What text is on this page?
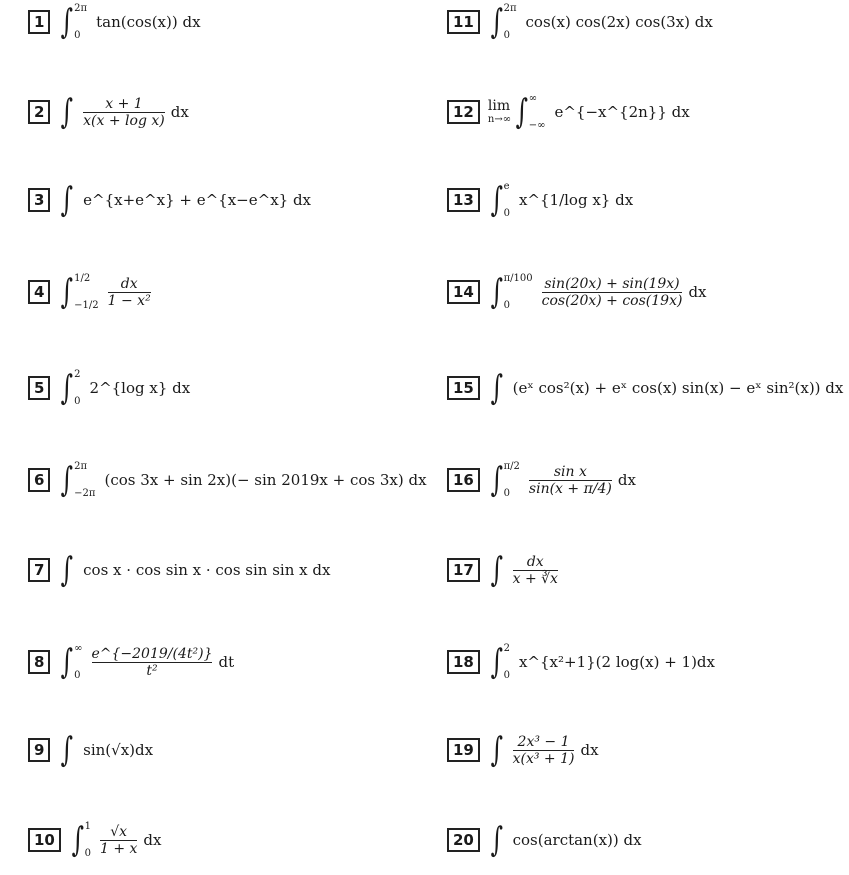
1 ∫ 2π
0
tan(cos(x)) dx
2 ∫ $\frac{x + 1}{\text{x(x + log x)}}$ dx
3 ∫ e^{x+e^x} + e^{x−e^x} dx
4 ∫ 1/2
$-1/2 \frac{dx}{\text{1 − x²}}$
5 ∫ 2
0
2^{log x} dx
6 ∫ 2π
−2π
(cos 3x + sin 2x)(− sin 2019x + cos 3x) dx
7 ∫ cos x · cos sin x · cos sin sin x dx
8 ∫ ∞
$0 \frac{\text{e\textasciicircum{}\{−2019/(4t²)\}}}{\text{t²}}$ dt
9 ∫ sin(√x)dx
10 ∫ 1
$0 \frac{√x}{1 + x}$ dx
11 ∫ 2π
0
cos(x) cos(2x) cos(3x) dx
12	lim
n→∞ ∫ ∞
−∞
e^{−x^{2n}} dx
13 ∫ e
0
x^{1/log x} dx
14 ∫ π/100
0	$\frac{\sin(20x) + \sin(19x)}{\cos(20x) + \cos(19x)}$ dx
15 ∫ (eˣ cos²(x) + eˣ cos(x) sin(x) − eˣ sin²(x)) dx
16 ∫ π/2
0	$\frac{\text{sin x}}{\sin(x + \pi/4)}$ dx
17 ∫ $\frac{dx}{x + ∛x}$
18 ∫ 2
0
x^{x²+1}(2 log(x) + 1)dx
19 ∫ $\frac{\text{2x³ − 1}}{\text{x(x³ + 1)}}$ dx
20 ∫ cos(arctan(x)) dx
